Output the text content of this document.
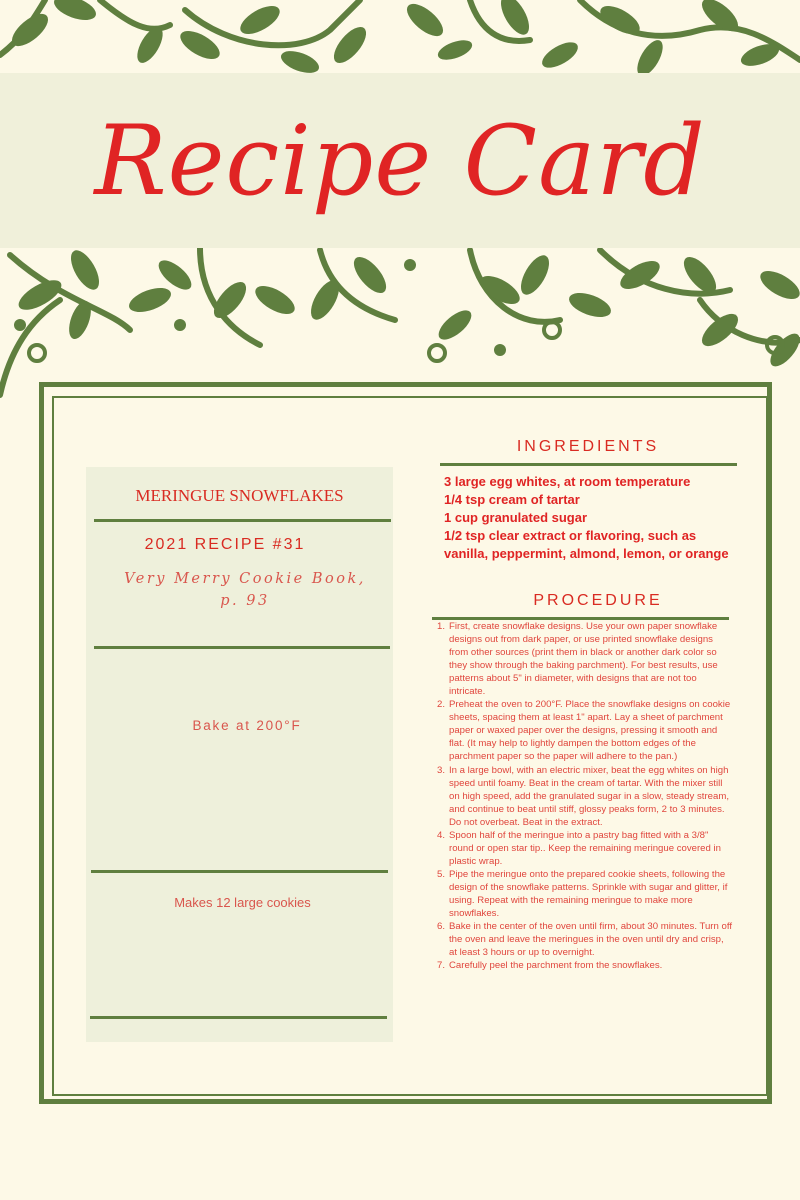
Recipe Card
MERINGUE SNOWFLAKES
2021 RECIPE #31
Very Merry Cookie Book,
p. 93
Bake at 200°F
Makes 12 large cookies
INGREDIENTS
3 large egg whites, at room temperature
1/4 tsp cream of tartar
1 cup granulated sugar
1/2 tsp clear extract or flavoring, such as vanilla, peppermint, almond, lemon, or orange
PROCEDURE
1. First, create snowflake designs. Use your own paper snowflake designs out from dark paper, or use printed snowflake designs from other sources (print them in black or another dark color so they show through the baking parchment). For best results, use patterns about 5" in diameter, with designs that are not too intricate.
2. Preheat the oven to 200°F. Place the snowflake designs on cookie sheets, spacing them at least 1" apart. Lay a sheet of parchment paper or waxed paper over the designs, pressing it smooth and flat. (It may help to lightly dampen the bottom edges of the parchment paper so the paper will adhere to the pan.)
3. In a large bowl, with an electric mixer, beat the egg whites on high speed until foamy. Beat in the cream of tartar. With the mixer still on high speed, add the granulated sugar in a slow, steady stream, and continue to beat until stiff, glossy peaks form, 2 to 3 minutes. Do not overbeat. Beat in the extract.
4. Spoon half of the meringue into a pastry bag fitted with a 3/8" round or open star tip.. Keep the remaining meringue covered in plastic wrap.
5. Pipe the meringue onto the prepared cookie sheets, following the design of the snowflake patterns. Sprinkle with sugar and glitter, if using. Repeat with the remaining meringue to make more snowflakes.
6. Bake in the center of the oven until firm, about 30 minutes. Turn off the oven and leave the meringues in the oven until dry and crisp, at least 3 hours or up to overnight.
7. Carefully peel the parchment from the snowflakes.
